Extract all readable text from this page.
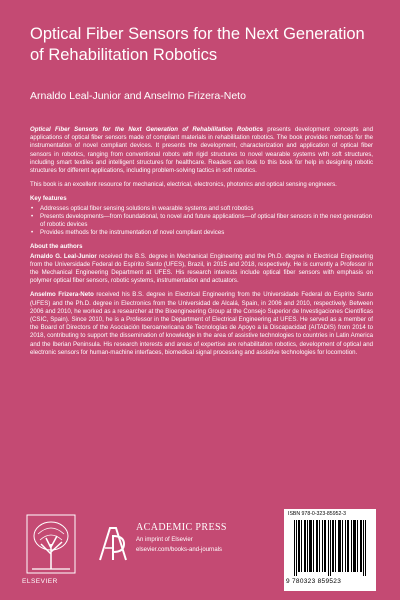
Optical Fiber Sensors for the Next Generation of Rehabilitation Robotics
Arnaldo Leal-Junior and Anselmo Frizera-Neto

Optical Fiber Sensors for the Next Generation of Rehabilitation Robotics presents development concepts and applications of optical fiber sensors made of compliant materials in rehabilitation robotics. The book provides methods for the instrumentation of novel compliant devices. It presents the development, characterization and application of optical fiber sensors in robotics, ranging from conventional robots with rigid structures to novel wearable systems with soft structures, including smart textiles and intelligent structures for healthcare. Readers can look to this book for help in designing robotic structures for different applications, including problem-solving tactics in soft robotics.

This book is an excellent resource for mechanical, electrical, electronics, photonics and optical sensing engineers.

Key features
• Addresses optical fiber sensing solutions in wearable systems and soft robotics
• Presents developments—from foundational, to novel and future applications—of optical fiber sensors in the next generation of robotic devices
• Provides methods for the instrumentation of novel compliant devices
About the authors

Arnaldo G. Leal-Junior received the B.S. degree in Mechanical Engineering and the Ph.D. degree in Electrical Engineering from the Universidade Federal do Espírito Santo (UFES), Brazil, in 2015 and 2018, respectively. He is currently a Professor in the Mechanical Engineering Department at UFES. His research interests include optical fiber sensors with emphasis on polymer optical fiber sensors, robotic systems, instrumentation and actuators.

Anselmo Frizera-Neto received his B.S. degree in Electrical Engineering from the Universidade Federal do Espírito Santo (UFES) and the Ph.D. degree in Electronics from the Universidad de Alcalá, Spain, in 2006 and 2010, respectively. Between 2006 and 2010, he worked as a researcher at the Bioengineering Group at the Consejo Superior de Investigaciones Científicas (CSIC, Spain). Since 2010, he is a Professor in the Department of Electrical Engineering at UFES. He served as a member of the Board of Directors of the Asociación Iberoamericana de Tecnologías de Apoyo a la Discapacidad (AITADIS) from 2014 to 2018, contributing to support the dissemination of knowledge in the area of assistive technologies to countries in Latin America and the Iberian Peninsula. His research interests and areas of expertise are rehabilitation robotics, development of optical and electronic sensors for human-machine interfaces, biomedical signal processing and assistive technologies for locomotion.

ELSEVIER
ACADEMIC PRESS
An imprint of Elsevier
elsevier.com/books-and-journals
ISBN 978-0-323-85952-3
9 780323 859523
